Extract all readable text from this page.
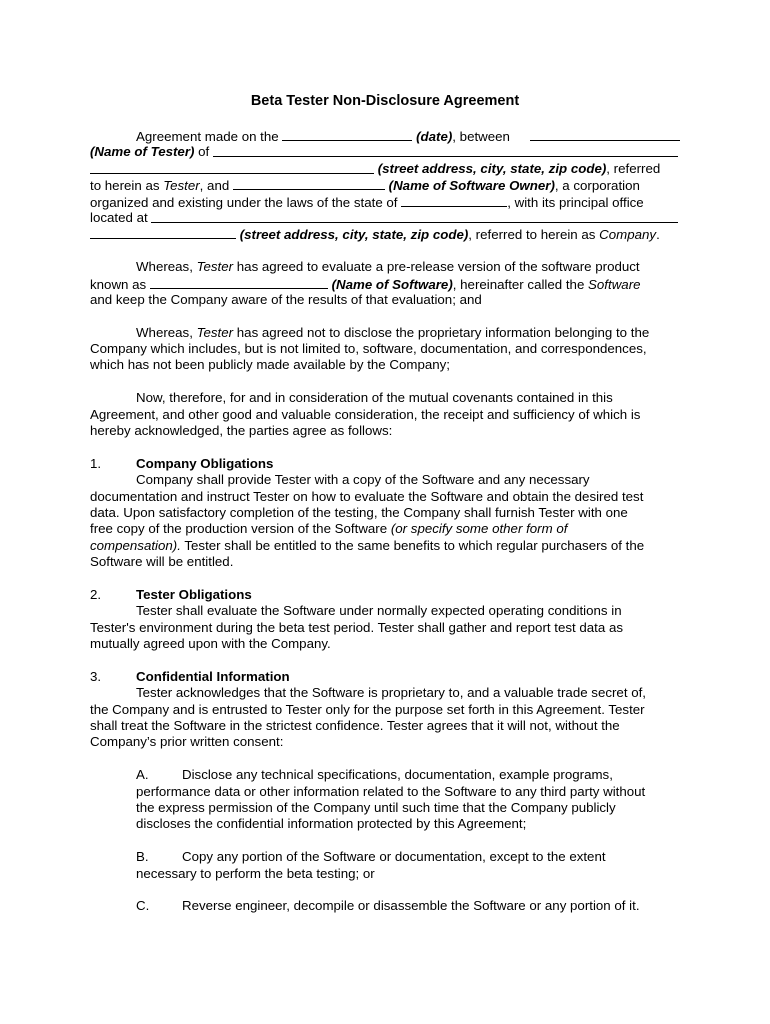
Beta Tester Non-Disclosure Agreement
Agreement made on the	(date), between
(Name of Tester)
of

(street address, city, state, zip code) , referred
to herein as Tester, and	(Name of Software Owner), a corporation
organized and existing under the laws of the state of	, with its principal office
located at

(street address, city, state, zip code), referred to herein as Company.
Whereas, Tester has agreed to evaluate a pre-release version of the software product
known as	(Name of Software), hereinafter called the Software
and keep the Company aware of the results of that evaluation; and
Whereas, Tester has agreed not to disclose the proprietary information belonging to the
Company which includes, but is not limited to, software, documentation, and correspondences,
which has not been publicly made available by the Company;
Now, therefore, for and in consideration of the mutual covenants contained in this
Agreement, and other good and valuable consideration, the receipt and sufficiency of which is
hereby acknowledged, the parties agree as follows:
1.	Company Obligations
Company shall provide Tester with a copy of the Software and any necessary
documentation and instruct Tester on how to evaluate the Software and obtain the desired test
data. Upon satisfactory completion of the testing, the Company shall furnish Tester with one
free copy of the production version of the Software (or specify some other form of
compensation). Tester shall be entitled to the same benefits to which regular purchasers of the
Software will be entitled.
2.	Tester Obligations
Tester shall evaluate the Software under normally expected operating conditions in
Tester's environment during the beta test period. Tester shall gather and report test data as
mutually agreed upon with the Company.
3.	Confidential Information
Tester acknowledges that the Software is proprietary to, and a valuable trade secret of,
the Company and is entrusted to Tester only for the purpose set forth in this Agreement. Tester
shall treat the Software in the strictest confidence. Tester agrees that it will not, without the
Company’s prior written consent:
A.	Disclose any technical specifications, documentation, example programs,
performance data or other information related to the Software to any third party without
the express permission of the Company until such time that the Company publicly
discloses the confidential information protected by this Agreement;
B.	Copy any portion of the Software or documentation, except to the extent
necessary to perform the beta testing; or
C. Reverse engineer, decompile or disassemble the Software or any portion of it.
